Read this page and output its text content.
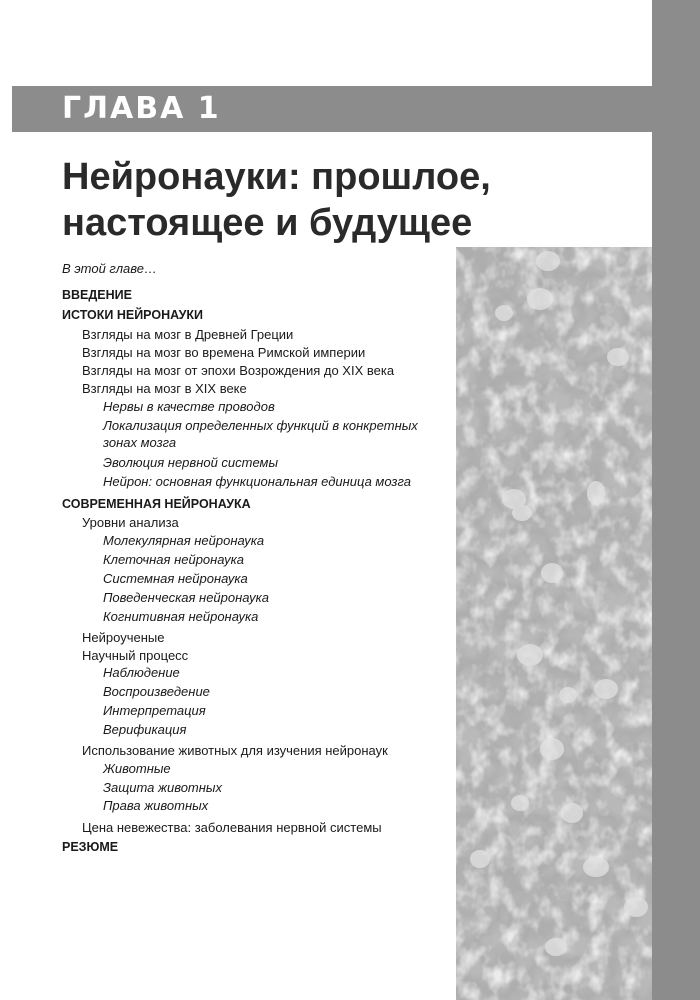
ГЛАВА 1
Нейронауки: прошлое,
настоящее и будущее
В этой главе…
ВВЕДЕНИЕ
ИСТОКИ НЕЙРОНАУКИ
Взгляды на мозг в Древней Греции
Взгляды на мозг во времена Римской империи
Взгляды на мозг от эпохи Возрождения до XIX века
Взгляды на мозг в XIX веке
Нервы в качестве проводов
Локализация определенных функций в конкретных
зонах мозга
Эволюция нервной системы
Нейрон: основная функциональная единица мозга
СОВРЕМЕННАЯ НЕЙРОНАУКА
Уровни анализа
Молекулярная нейронаука
Клеточная нейронаука
Системная нейронаука
Поведенческая нейронаука
Когнитивная нейронаука
Нейроученые
Научный процесс
Наблюдение
Воспроизведение
Интерпретация
Верификация
Использование животных для изучения нейронаук
Животные
Защита животных
Права животных
Цена невежества: заболевания нервной системы
РЕЗЮМЕ
